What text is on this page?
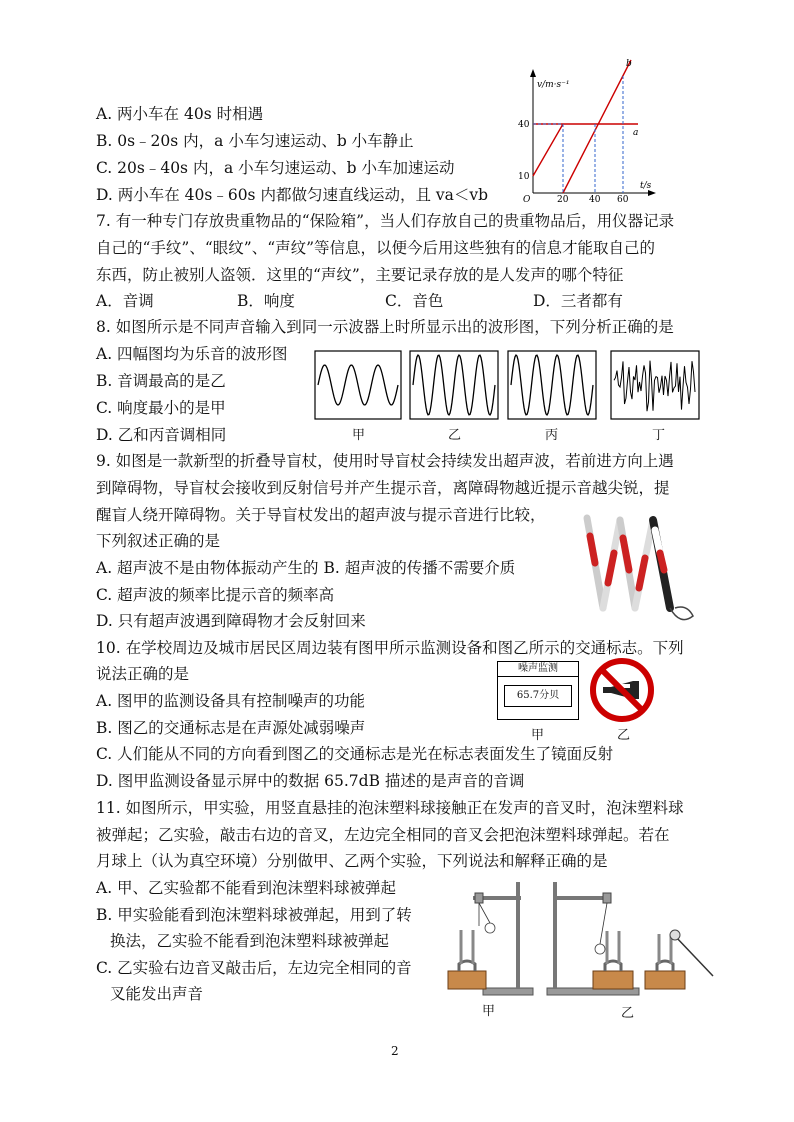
A. 两小车在 40s 时相遇
B. 0s﹣20s 内，a 小车匀速运动、b 小车静止
C. 20s﹣40s 内，a 小车匀速运动、b 小车加速运动
D. 两小车在 40s﹣60s 内都做匀速直线运动，且 va＜vb
v/m·s⁻¹
t/s
O
40
10
20 40 60
a
b
7. 有一种专门存放贵重物品的“保险箱”，当人们存放自己的贵重物品后，用仪器记录
自己的“手纹”、“眼纹”、“声纹”等信息，以便今后用这些独有的信息才能取自己的
东西，防止被别人盗领．这里的“声纹”，主要记录存放的是人发声的哪个特征
A．音调	B．响度	C．音色	D．三者都有
8. 如图所示是不同声音输入到同一示波器上时所显示出的波形图，下列分析正确的是
A. 四幅图均为乐音的波形图
B. 音调最高的是乙
C. 响度最小的是甲
D. 乙和丙音调相同	甲	乙	丙	丁
9. 如图是一款新型的折叠导盲杖，使用时导盲杖会持续发出超声波，若前进方向上遇
到障碍物，导盲杖会接收到反射信号并产生提示音，离障碍物越近提示音越尖锐，提
醒盲人绕开障碍物。关于导盲杖发出的超声波与提示音进行比较，
下列叙述正确的是
A. 超声波不是由物体振动产生的 B. 超声波的传播不需要介质
C. 超声波的频率比提示音的频率高
D. 只有超声波遇到障碍物才会反射回来
10. 在学校周边及城市居民区周边装有图甲所示监测设备和图乙所示的交通标志。下列
说法正确的是
A. 图甲的监测设备具有控制噪声的功能
B. 图乙的交通标志是在声源处减弱噪声
C. 人们能从不同的方向看到图乙的交通标志是光在标志表面发生了镜面反射
D. 图甲监测设备显示屏中的数据 65.7dB 描述的是声音的音调
噪声监测
65.7分贝
甲	乙
11. 如图所示，甲实验，用竖直悬挂的泡沫塑料球接触正在发声的音叉时，泡沫塑料球
被弹起；乙实验，敲击右边的音叉，左边完全相同的音叉会把泡沫塑料球弹起。若在
月球上（认为真空环境）分别做甲、乙两个实验，下列说法和解释正确的是
A. 甲、乙实验都不能看到泡沫塑料球被弹起
B. 甲实验能看到泡沫塑料球被弹起，用到了转
换法，乙实验不能看到泡沫塑料球被弹起
C. 乙实验右边音叉敲击后，左边完全相同的音
叉能发出声音
甲	乙
2
